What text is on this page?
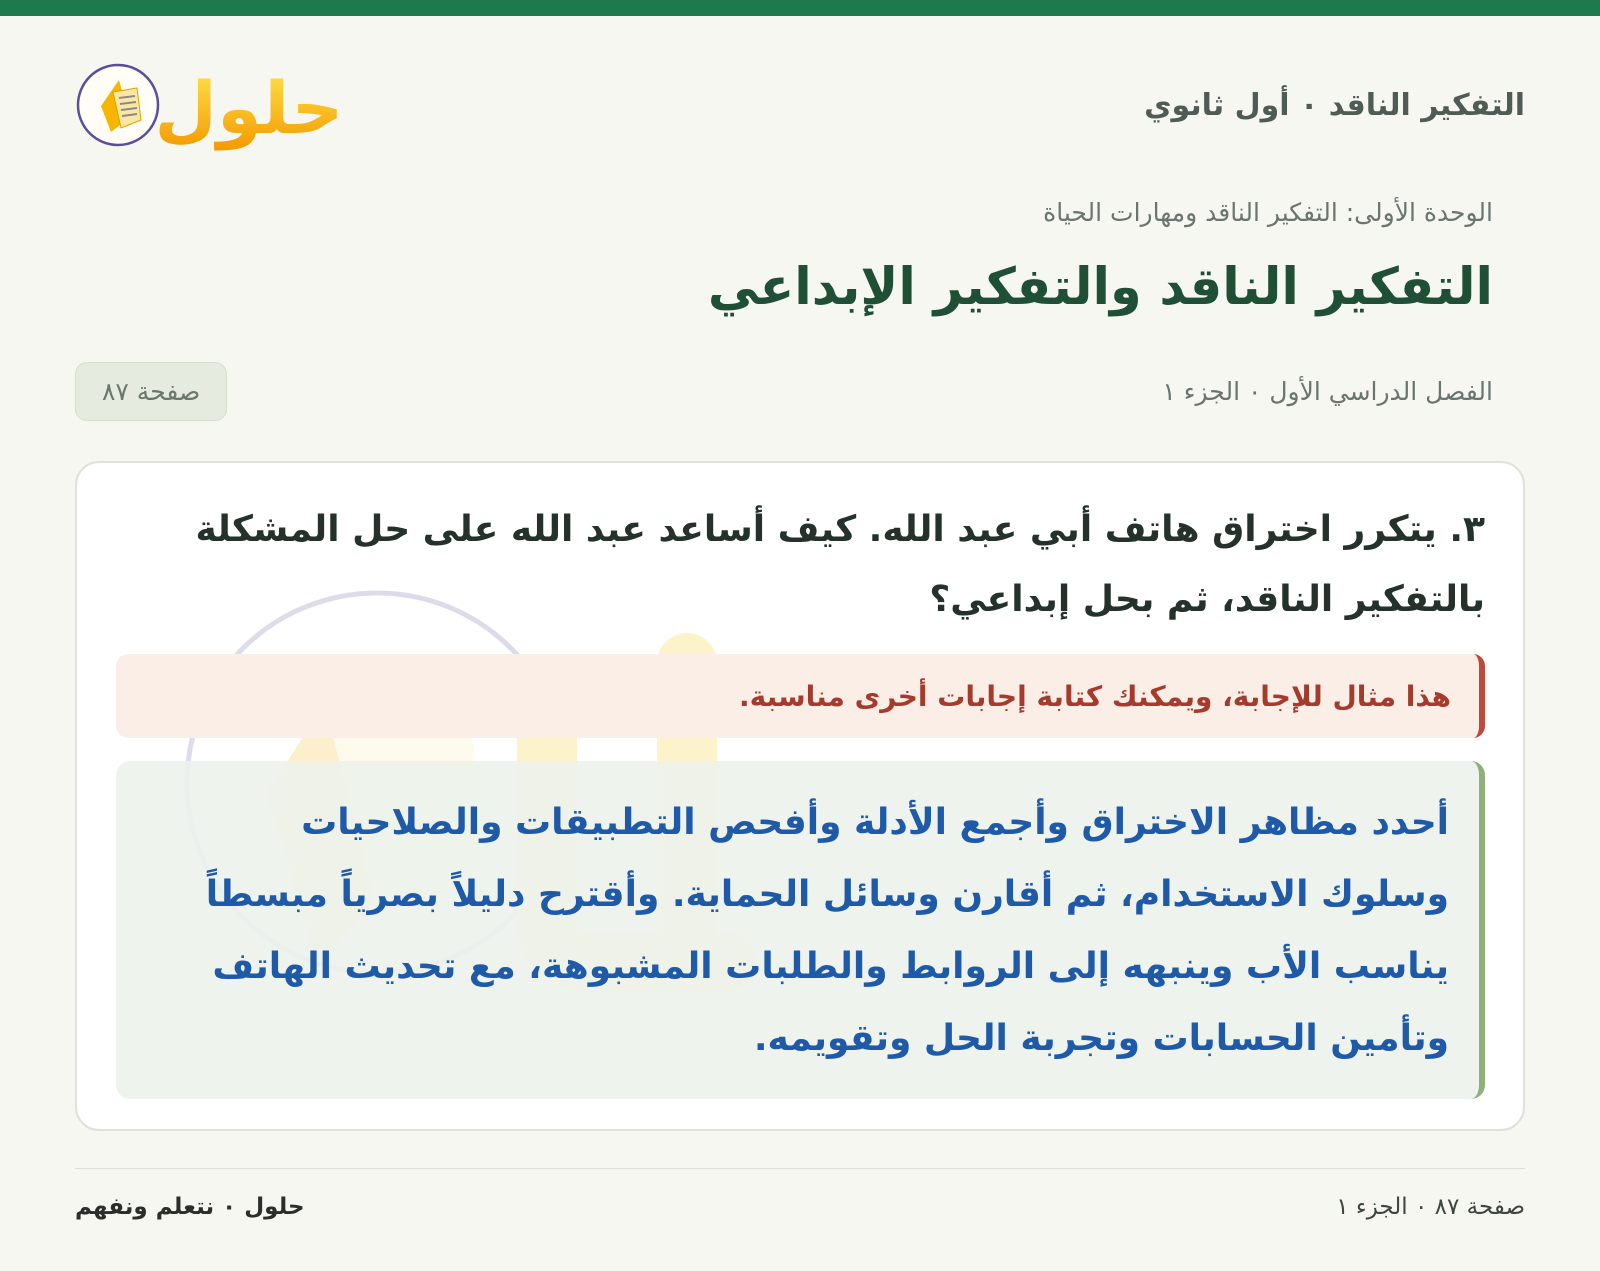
التفكير الناقد ٠ أول ثانوي
حلول
الوحدة الأولى: التفكير الناقد ومهارات الحياة
التفكير الناقد والتفكير الإبداعي
الفصل الدراسي الأول ٠ الجزء ١
صفحة ٨٧
٣. يتكرر اختراق هاتف أبي عبد الله. كيف أساعد عبد الله على حل المشكلة بالتفكير الناقد، ثم بحل إبداعي؟
هذا مثال للإجابة، ويمكنك كتابة إجابات أخرى مناسبة.
أحدد مظاهر الاختراق وأجمع الأدلة وأفحص التطبيقات والصلاحيات وسلوك الاستخدام، ثم أقارن وسائل الحماية. وأقترح دليلاً بصرياً مبسطاً يناسب الأب وينبهه إلى الروابط والطلبات المشبوهة، مع تحديث الهاتف وتأمين الحسابات وتجربة الحل وتقويمه.
صفحة ٨٧ ٠ الجزء ١
حلول ٠ نتعلم ونفهم
